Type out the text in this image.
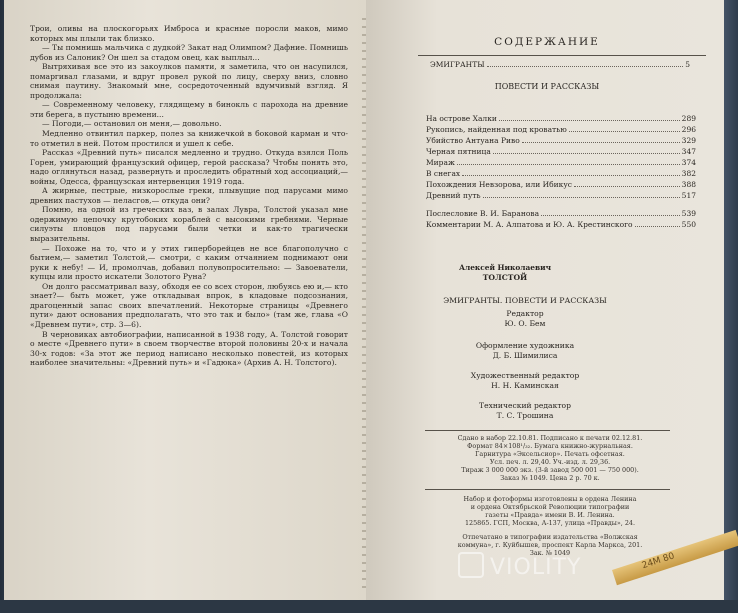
Трои, оливы на плоскогорьях Имброса и красные поросли маков, мимо которых мы плыли так близко.

— Ты помнишь мальчика с дудкой? Закат над Олимпом? Дафние. Помнишь дубов из Салоник? Он шел за стадом овец, как выплыл...

Вытряхивая все это из закоулков памяти, я заметила, что он насупился, помаргивал глазами, и вдруг провел рукой по лицу, сверху вниз, словно снимая паутину. Знакомый мне, сосредоточенный вдумчивый взгляд. Я продолжала:

— Современному человеку, глядящему в бинокль с парохода на древние эти берега, в пустыню времени...

— Погоди,— остановил он меня,— довольно.

Медленно отвинтил паркер, полез за книжечкой в боковой карман и что-то отметил в ней. Потом простился и ушел к себе.

Рассказ «Древний путь» писался медленно и трудно. Откуда взялся Поль Горен, умирающий французский офицер, герой рассказа? Чтобы понять это, надо оглянуться назад, развернуть и проследить обратный ход ассоциаций,— войны, Одесса, французская интервенция 1919 года.

А жирные, пестрые, низкорослые греки, плывущие под парусами мимо древних пастухов — пеласгов,— откуда они?

Помню, на одной из греческих ваз, в залах Лувра, Толстой указал мне одержимую цепочку крутобоких кораблей с высокими гребнями. Черные силуэты пловцов под парусами были четки и как-то трагически выразительны.

— Похоже на то, что и у этих гиперборейцев не все благополучно с бытием,— заметил Толстой,— смотри, с каким отчаянием поднимают они руки к небу! — И, промолчав, добавил полувопросительно: — Завоеватели, купцы или просто искатели Золотого Руна?

Он долго рассматривал вазу, обходя ее со всех сторон, любуясь ею и,— кто знает?— быть может, уже откладывая впрок, в кладовые подсознания, драгоценный запас своих впечатлений. Некоторые страницы «Древнего пути» дают основания предполагать, что это так и было» (там же, глава «О «Древнем пути», стр. 3—6).

В черновиках автобиографии, написанной в 1938 году, А. Толстой говорит о месте «Древнего пути» в своем творчестве второй половины 20-х и начала 30-х годов: «За этот же период написано несколько повестей, из которых наиболее значительны: «Древний путь» и «Гадюка» (Архив А. Н. Толстого).

СОДЕРЖАНИЕ
ЭМИГРАНТЫ	5
ПОВЕСТИ И РАССКАЗЫ
На острове Халки	289
Рукопись, найденная под кроватью	296
Убийство Антуана Риво	329
Черная пятница	347
Мираж	374
В снегах	382
Похождения Невзорова, или Ибикус	388
Древний путь	517
Послесловие В. И. Баранова	539
Комментарии М. А. Алпатова и Ю. А. Крестинского	550
Алексей Николаевич
ТОЛСТОЙ
ЭМИГРАНТЫ. ПОВЕСТИ И РАССКАЗЫ
Редактор
Ю. О. Бем
Оформление художника
Д. Б. Шимилиса
Художественный редактор
Н. Н. Каминская
Технический редактор
Т. С. Трошина
Сдано в набор 22.10.81. Подписано к печати 02.12.81.
Формат 84×108¹/₃₂. Бумага книжно-журнальная.
Гарнитура «Эксельсиор». Печать офсетная.
Усл. печ. л. 29,40. Уч.-изд. л. 29,36.
Тираж 3 000 000 экз. (3-й завод 500 001 — 750 000).
Заказ № 1049. Цена 2 р. 70 к.
Набор и фотоформы изготовлены в ордена Ленина
и ордена Октябрьской Революции типографии
газеты «Правда» имени В. И. Ленина.
125865. ГСП, Москва, А-137, улица «Правды», 24.
Отпечатано в типографии издательства «Волжская
коммуна», г. Куйбышев, проспект Карла Маркса, 201.
Зак. № 1049
VIOLITY	24M 80
